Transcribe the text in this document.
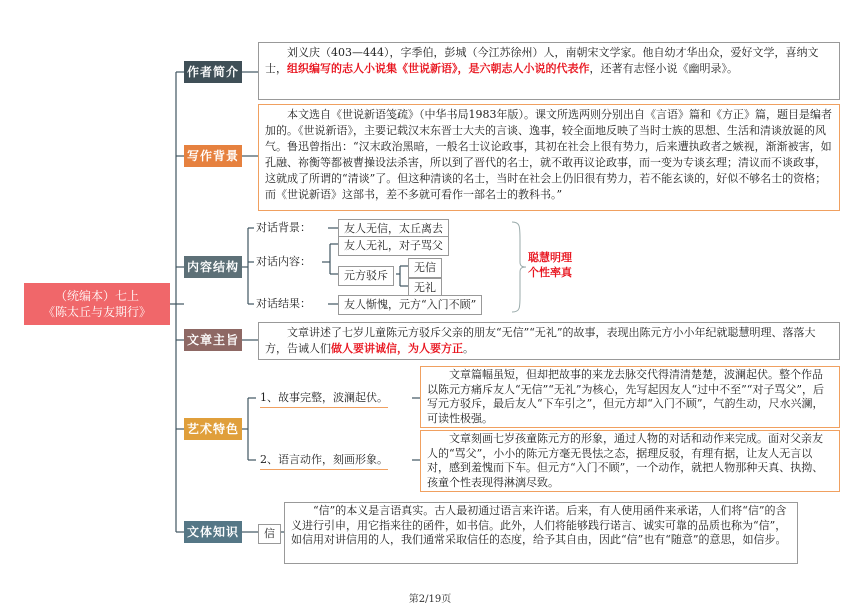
（统编本）七上
《陈太丘与友期行》
作者简介
刘义庆（403—444），字季伯，彭城（今江苏徐州）人，南朝宋文学家。他自幼才华出众，爱好文学，喜纳文士，组织编写的志人小说集《世说新语》，是六朝志人小说的代表作，还著有志怪小说《幽明录》。
写作背景
本文选自《世说新语笺疏》（中华书局1983年版）。课文所选两则分别出自《言语》篇和《方正》篇，题目是编者加的。《世说新语》，主要记载汉末东晋士大夫的言谈、逸事，较全面地反映了当时士族的思想、生活和清谈放诞的风气。鲁迅曾指出：“汉末政治黑暗，一般名士议论政事，其初在社会上很有势力，后来遭执政者之嫉视，渐渐被害，如孔融、祢衡等都被曹操设法杀害，所以到了晋代的名士，就不敢再议论政事，而一变为专谈玄理；清议而不谈政事，这就成了所谓的“清谈”了。但这种清谈的名士，当时在社会上仍旧很有势力，若不能玄谈的，好似不够名士的资格；而《世说新语》这部书，差不多就可看作一部名士的教科书。”
内容结构
对话背景：	友人无信，太丘离去
对话内容：
友人无礼，对子骂父
元方驳斥
无信
无礼
对话结果：	友人惭愧，元方“入门不顾”
聪慧明理
个性率真
文章主旨
文章讲述了七岁儿童陈元方驳斥父亲的朋友“无信”“无礼”的故事，表现出陈元方小小年纪就聪慧明理、落落大方，告诫人们做人要讲诚信，为人要方正。
艺术特色
1、故事完整，波澜起伏。
文章篇幅虽短，但却把故事的来龙去脉交代得清清楚楚，波澜起伏。整个作品以陈元方痛斥友人“无信”“无礼”为核心，先写起因友人“过中不至”“对子骂父”，后写元方驳斥，最后友人“下车引之”，但元方却“入门不顾”，气韵生动，尺水兴澜，可读性极强。
2、语言动作，刻画形象。
文章刻画七岁孩童陈元方的形象，通过人物的对话和动作来完成。面对父亲友人的“骂父”，小小的陈元方毫无畏怯之态，据理反驳，有理有据，让友人无言以对，感到羞愧而下车。但元方“入门不顾”，一个动作，就把人物那种天真、执拗、孩童个性表现得淋漓尽致。
文体知识	信
“信”的本义是言语真实。古人最初通过语言来许诺。后来，有人使用函件来承诺，人们将“信”的含义进行引申，用它指来往的函件，如书信。此外，人们将能够践行诺言、诚实可靠的品质也称为“信”，如信用对讲信用的人，我们通常采取信任的态度，给予其自由，因此“信”也有“随意”的意思，如信步。
第2/19页
